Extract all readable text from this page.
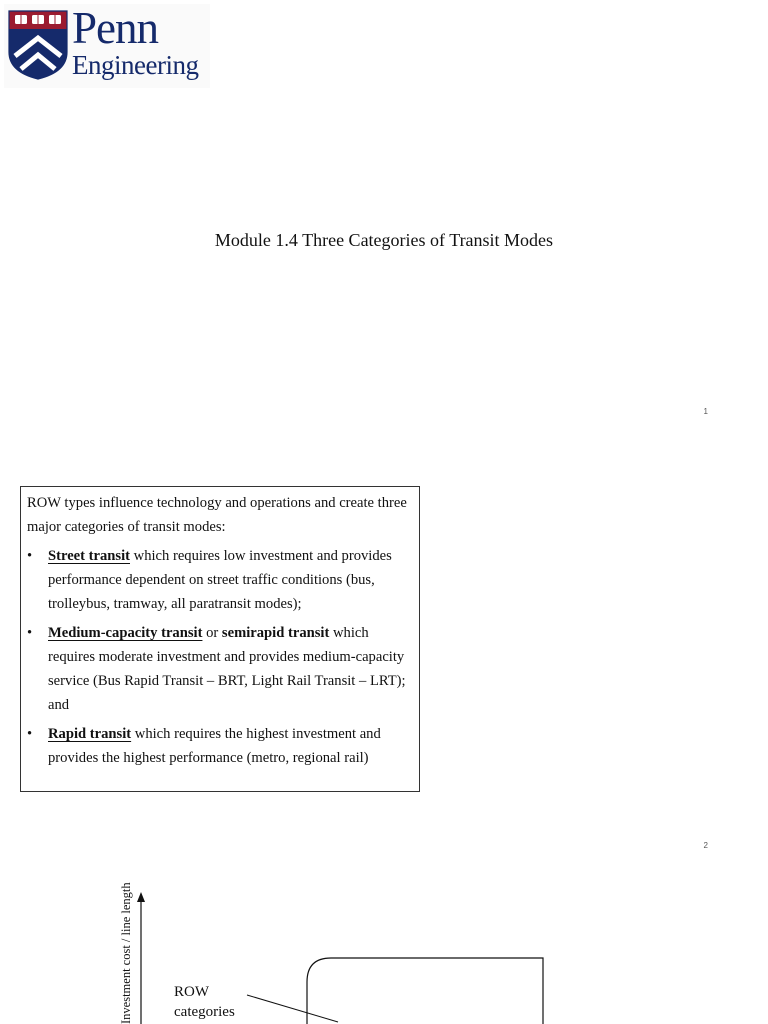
Penn
Engineering
Module 1.4 Three Categories of Transit Modes
1

ROW types influence technology and operations and create three major categories of transit modes:

• Street transit which requires low investment and provides performance dependent on street traffic conditions (bus, trolleybus, tramway, all paratransit modes);
• Medium-capacity transit or semirapid transit which requires moderate investment and provides medium-capacity service (Bus Rapid Transit – BRT, Light Rail Transit – LRT); and
• Rapid transit which requires the highest investment and provides the highest performance (metro, regional rail)
2
Investment cost / line length	ROW
categories
